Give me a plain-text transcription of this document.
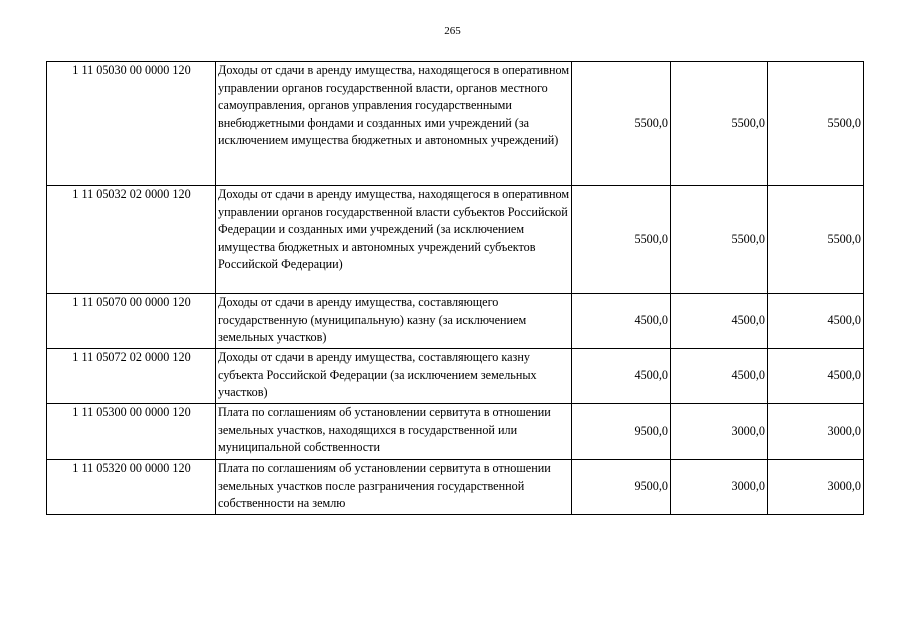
265
1 11 05030 00 0000 120	Доходы от сдачи в аренду имущества, находящегося в оперативном управлении органов государственной власти, органов местного самоуправления, органов управления государственными внебюджетными фондами и созданных ими учреждений (за исключением имущества бюджетных и автономных учреждений)	5500,0	5500,0	5500,0
1 11 05032 02 0000 120	Доходы от сдачи в аренду имущества, находящегося в оперативном управлении органов государственной власти субъектов Российской Федерации и созданных ими учреждений (за исключением имущества бюджетных и автономных учреждений субъектов Российской Федерации)	5500,0	5500,0	5500,0
1 11 05070 00 0000 120	Доходы от сдачи в аренду имущества, составляющего государственную (муниципальную) казну (за исключением земельных участков)	4500,0	4500,0	4500,0
1 11 05072 02 0000 120	Доходы от сдачи в аренду имущества, составляющего казну субъекта Российской Федерации (за исключением земельных участков)	4500,0	4500,0	4500,0
1 11 05300 00 0000 120	Плата по соглашениям об установлении сервитута в отношении земельных участков, находящихся в государственной или муниципальной собственности	9500,0	3000,0	3000,0
1 11 05320 00 0000 120	Плата по соглашениям об установлении сервитута в отношении земельных участков после разграничения государственной собственности на землю	9500,0	3000,0	3000,0
